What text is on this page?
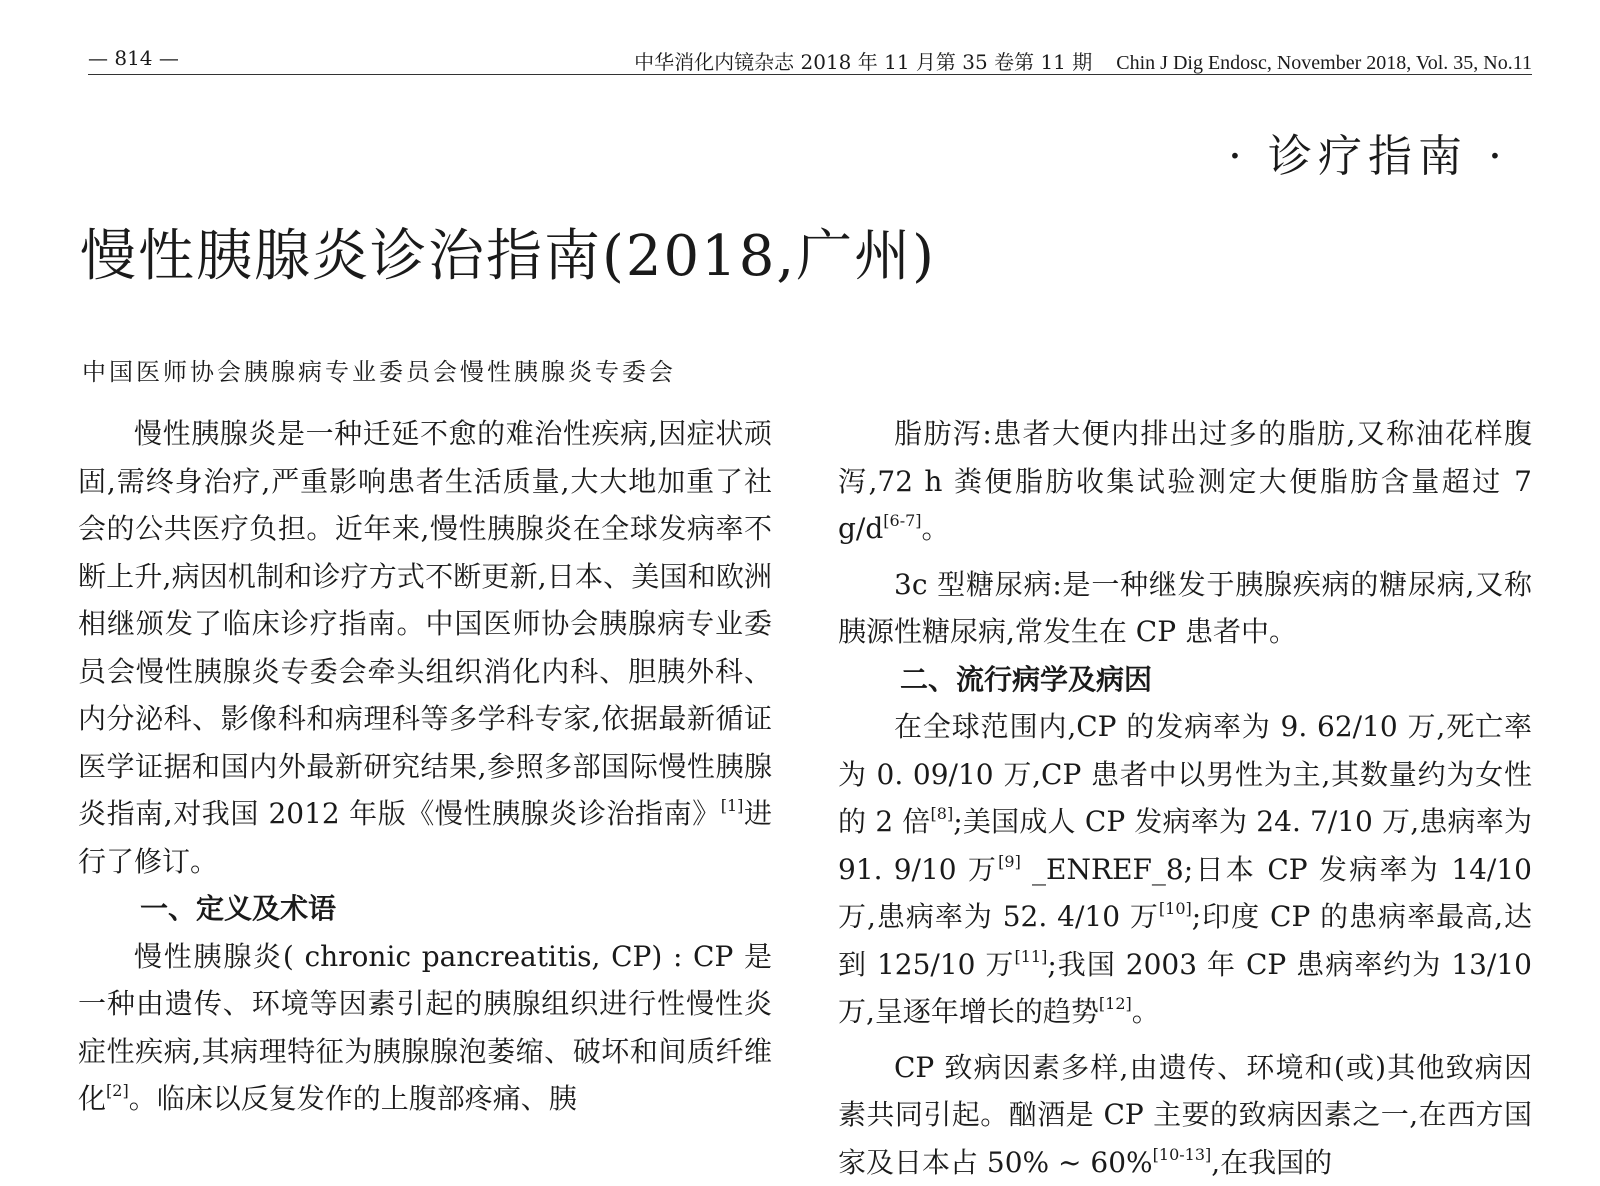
— 814 —	中华消化内镜杂志 2018 年 11 月第 35 卷第 11 期 Chin J Dig Endosc, November 2018, Vol. 35, No.11
· 诊疗指南 ·
慢性胰腺炎诊治指南(2018,广州)
中国医师协会胰腺病专业委员会慢性胰腺炎专委会

慢性胰腺炎是一种迁延不愈的难治性疾病,因症状顽固,需终身治疗,严重影响患者生活质量,大大地加重了社会的公共医疗负担。近年来,慢性胰腺炎在全球发病率不断上升,病因机制和诊疗方式不断更新,日本、美国和欧洲相继颁发了临床诊疗指南。中国医师协会胰腺病专业委员会慢性胰腺炎专委会牵头组织消化内科、胆胰外科、内分泌科、影像科和病理科等多学科专家,依据最新循证医学证据和国内外最新研究结果,参照多部国际慢性胰腺炎指南,对我国 2012 年版《慢性胰腺炎诊治指南》[1]进行了修订。

一、定义及术语

慢性胰腺炎( chronic pancreatitis, CP) : CP 是一种由遗传、环境等因素引起的胰腺组织进行性慢性炎症性疾病,其病理特征为胰腺腺泡萎缩、破坏和间质纤维化[2]。临床以反复发作的上腹部疼痛、胰

脂肪泻:患者大便内排出过多的脂肪,又称油花样腹泻,72 h 粪便脂肪收集试验测定大便脂肪含量超过 7 g/d[6-7]。

3c 型糖尿病:是一种继发于胰腺疾病的糖尿病,又称胰源性糖尿病,常发生在 CP 患者中。

二、流行病学及病因

在全球范围内,CP 的发病率为 9. 62/10 万,死亡率为 0. 09/10 万,CP 患者中以男性为主,其数量约为女性的 2 倍[8];美国成人 CP 发病率为 24. 7/10 万,患病率为 91. 9/10 万[9] _ENREF_8;日本 CP 发病率为 14/10 万,患病率为 52. 4/10 万[10];印度 CP 的患病率最高,达到 125/10 万[11];我国 2003 年 CP 患病率约为 13/10 万,呈逐年增长的趋势[12]。

CP 致病因素多样,由遗传、环境和(或)其他致病因素共同引起。酗酒是 CP 主要的致病因素之一,在西方国家及日本占 50% ~ 60%[10-13],在我国的
